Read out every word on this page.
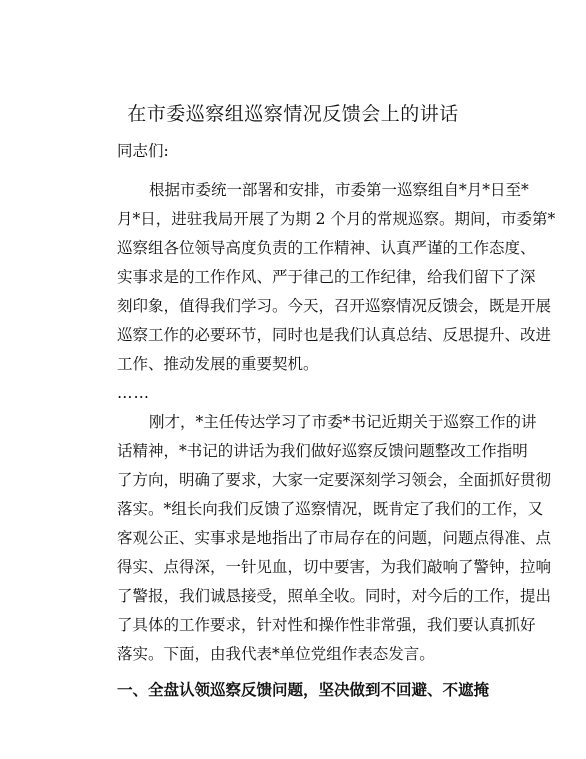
在市委巡察组巡察情况反馈会上的讲话
同志们:
根据市委统一部署和安排，市委第一巡察组自*月*日至*
月*日，进驻我局开展了为期 2 个月的常规巡察。期间，市委第*
巡察组各位领导高度负责的工作精神、认真严谨的工作态度、
实事求是的工作作风、严于律己的工作纪律，给我们留下了深
刻印象，值得我们学习。今天，召开巡察情况反馈会，既是开展
巡察工作的必要环节，同时也是我们认真总结、反思提升、改进
工作、推动发展的重要契机。
……
刚才，*主任传达学习了市委*书记近期关于巡察工作的讲
话精神，*书记的讲话为我们做好巡察反馈问题整改工作指明
了方向，明确了要求，大家一定要深刻学习领会，全面抓好贯彻
落实。*组长向我们反馈了巡察情况，既肯定了我们的工作，又
客观公正、实事求是地指出了市局存在的问题，问题点得准、点
得实、点得深，一针见血，切中要害，为我们敲响了警钟，拉响
了警报，我们诚恳接受，照单全收。同时，对今后的工作，提出
了具体的工作要求，针对性和操作性非常强，我们要认真抓好
落实。下面，由我代表*单位党组作表态发言。
一、全盘认领巡察反馈问题，坚决做到不回避、不遮掩
